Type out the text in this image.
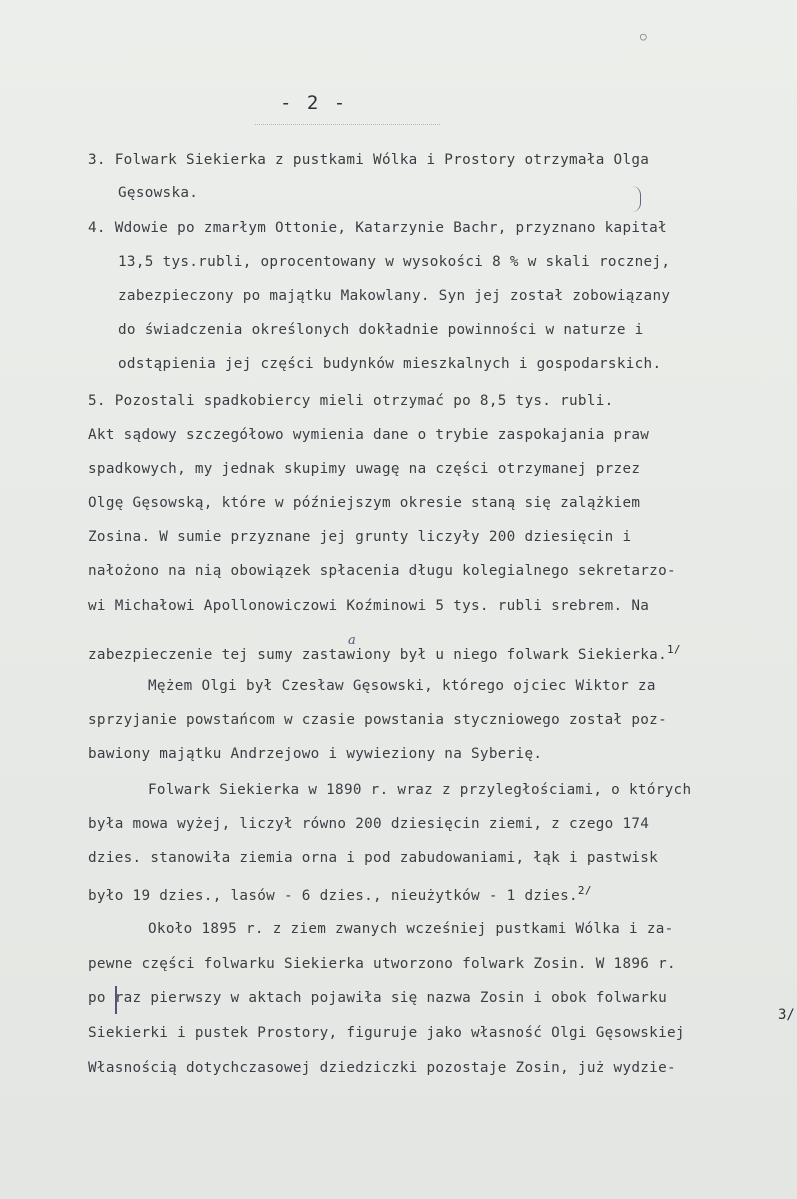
○
- 2 -
3. Folwark Siekierka z pustkami Wólka i Prostory otrzymała Olga
Gęsowska.
4. Wdowie po zmarłym Ottonie, Katarzynie Bachr, przyznano kapitał
13,5 tys.rubli, oprocentowany w wysokości 8 % w skali rocznej,
zabezpieczony po majątku Makowlany. Syn jej został zobowiązany
do świadczenia określonych dokładnie powinności w naturze i
odstąpienia jej części budynków mieszkalnych i gospodarskich.
5. Pozostali spadkobiercy mieli otrzymać po 8,5 tys. rubli.
Akt sądowy szczegółowo wymienia dane o trybie zaspokajania praw
spadkowych, my jednak skupimy uwagę na części otrzymanej przez
Olgę Gęsowską, które w późniejszym okresie staną się zalążkiem
Zosina. W sumie przyznane jej grunty liczyły 200 dziesięcin i
nałożono na nią obowiązek spłacenia długu kolegialnego sekretarzo-
wi Michałowi Apollonowiczowi Koźminowi 5 tys. rubli srebrem. Na
a
zabezpieczenie tej sumy zastawiony był u niego folwark Siekierka.$^{1/}$
Mężem Olgi był Czesław Gęsowski, którego ojciec Wiktor za
sprzyjanie powstańcom w czasie powstania styczniowego został poz-
bawiony majątku Andrzejowo i wywieziony na Syberię.
Folwark Siekierka w 1890 r. wraz z przyległościami, o których
była mowa wyżej, liczył równo 200 dziesięcin ziemi, z czego 174
dzies. stanowiła ziemia orna i pod zabudowaniami, łąk i pastwisk
było 19 dzies., lasów - 6 dzies., nieużytków - 1 dzies.$^{2/}$
Około 1895 r. z ziem zwanych wcześniej pustkami Wólka i za-
pewne części folwarku Siekierka utworzono folwark Zosin. W 1896 r.
po raz pierwszy w aktach pojawiła się nazwa Zosin i obok folwarku
Siekierki i pustek Prostory, figuruje jako własność Olgi Gęsowskiej
3/
Własnością dotychczasowej dziedziczki pozostaje Zosin, już wydzie-
